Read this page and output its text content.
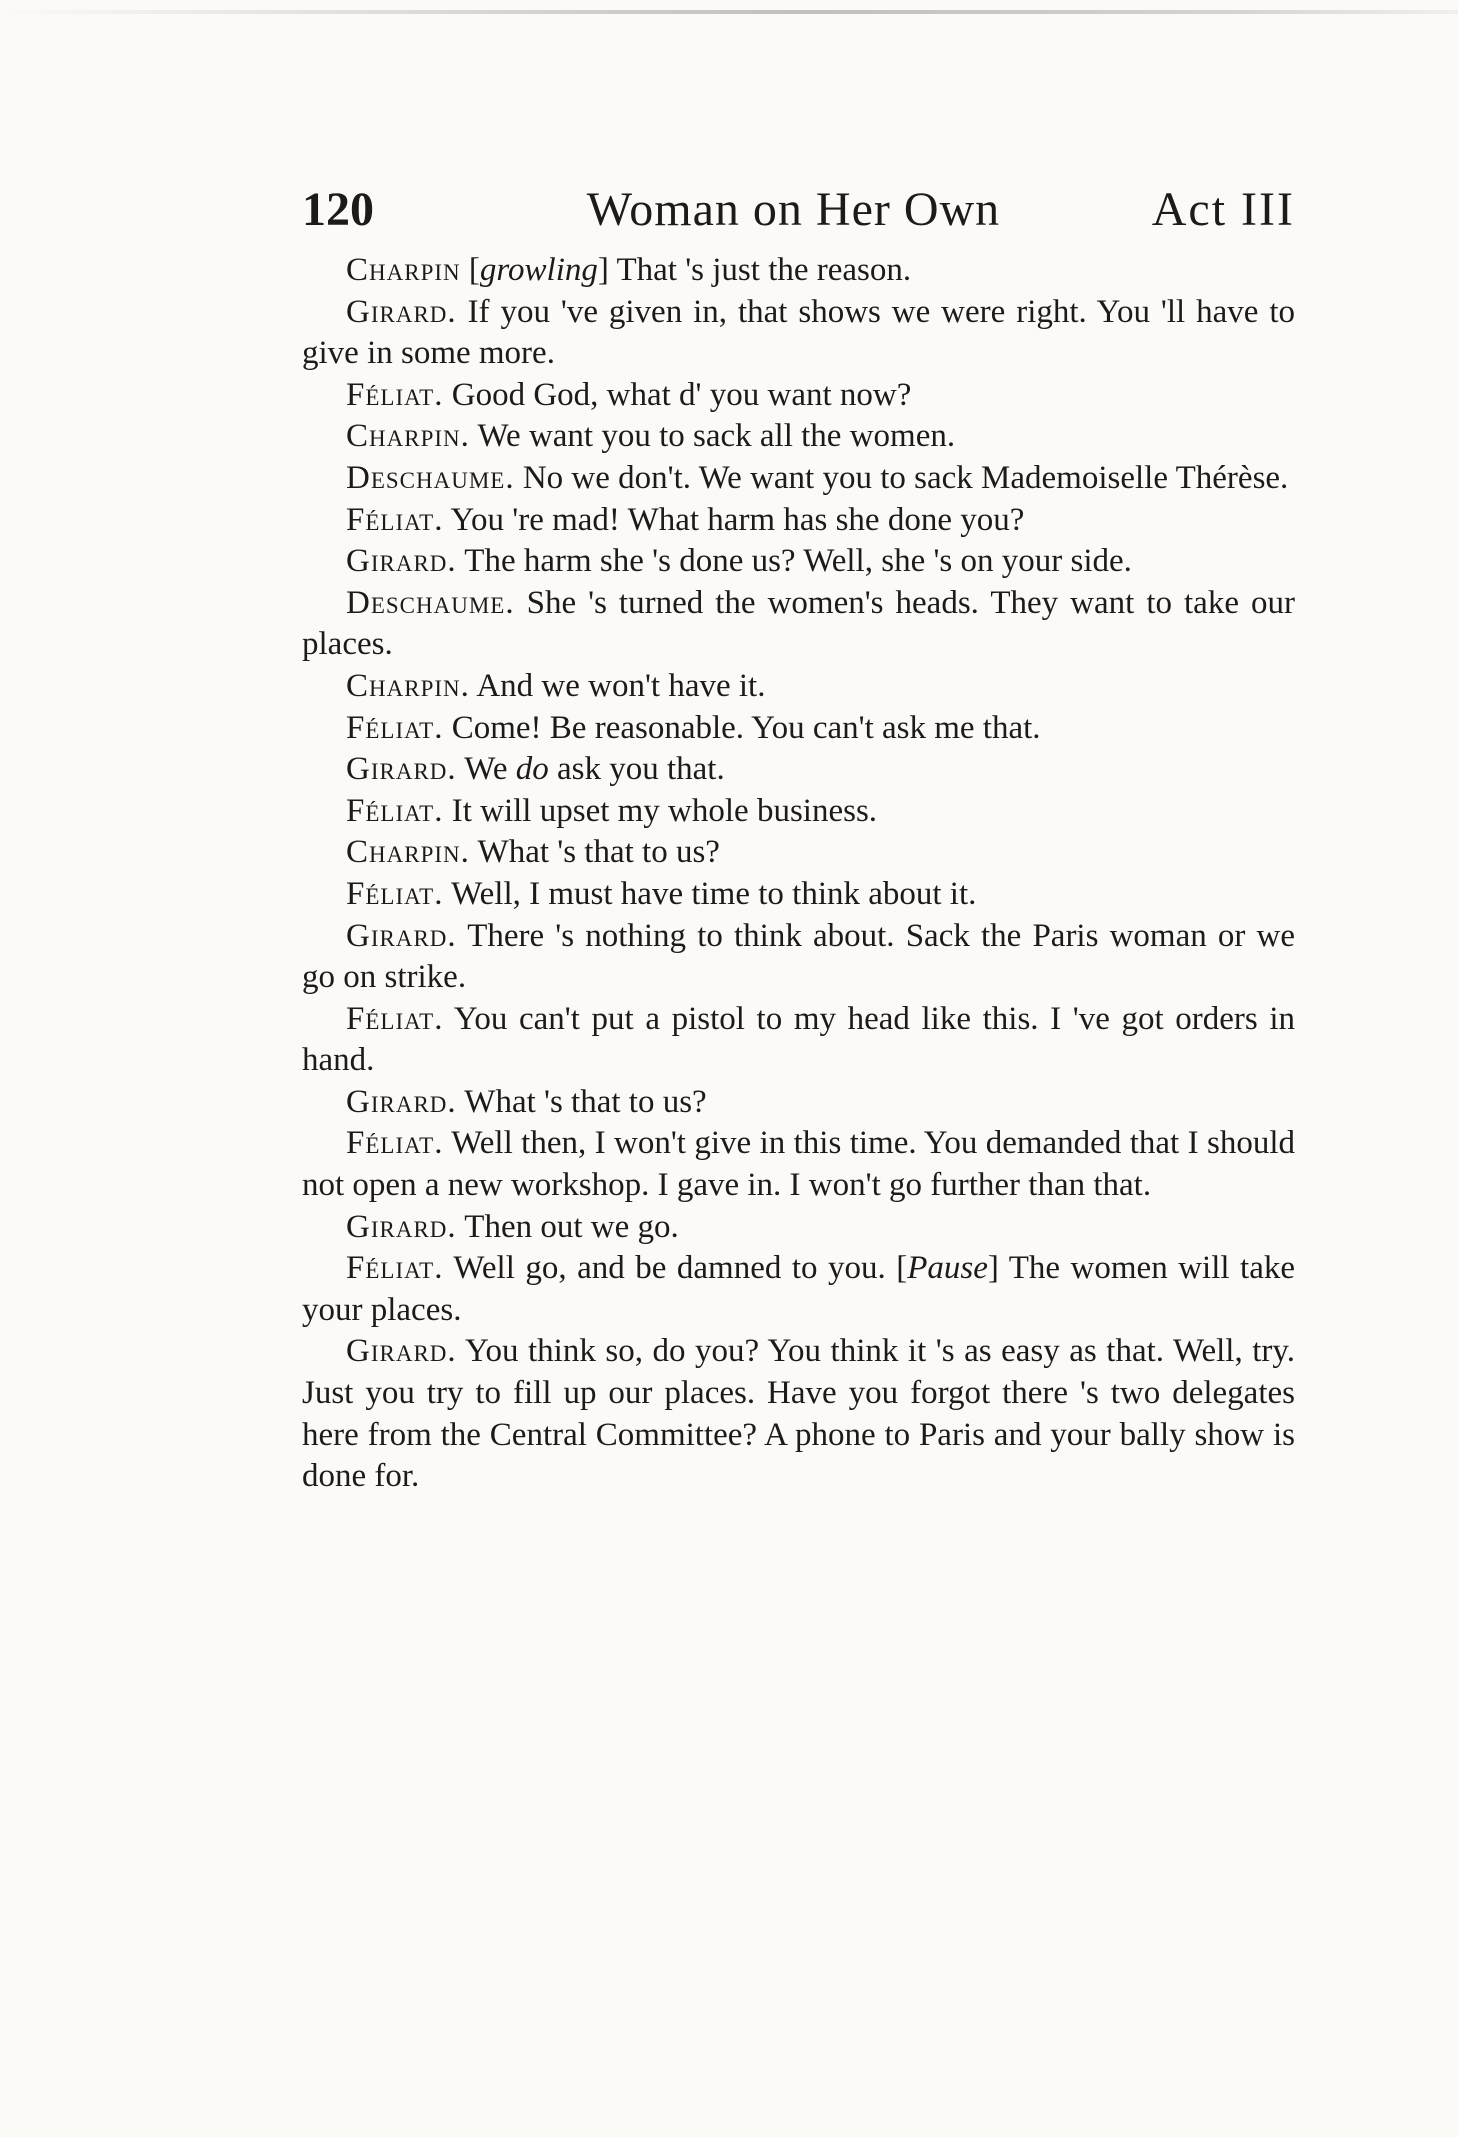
120	Woman on Her Own	Act III

Charpin [growling] That 's just the reason.

Girard. If you 've given in, that shows we were right. You 'll have to give in some more.

Féliat. Good God, what d' you want now?

Charpin. We want you to sack all the women.

Deschaume. No we don't. We want you to sack Mademoiselle Thérèse.

Féliat. You 're mad! What harm has she done you?

Girard. The harm she 's done us? Well, she 's on your side.

Deschaume. She 's turned the women's heads. They want to take our places.

Charpin. And we won't have it.

Féliat. Come! Be reasonable. You can't ask me that.

Girard. We do ask you that.

Féliat. It will upset my whole business.

Charpin. What 's that to us?

Féliat. Well, I must have time to think about it.

Girard. There 's nothing to think about. Sack the Paris woman or we go on strike.

Féliat. You can't put a pistol to my head like this. I 've got orders in hand.

Girard. What 's that to us?

Féliat. Well then, I won't give in this time. You demanded that I should not open a new workshop. I gave in. I won't go further than that.

Girard. Then out we go.

Féliat. Well go, and be damned to you. [Pause] The women will take your places.

Girard. You think so, do you? You think it 's as easy as that. Well, try. Just you try to fill up our places. Have you forgot there 's two delegates here from the Central Committee? A phone to Paris and your bally show is done for.
